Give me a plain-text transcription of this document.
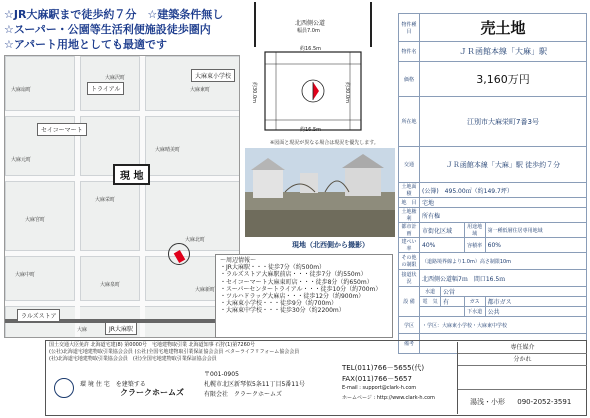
☆JR大麻駅まで徒歩約７分　☆建築条件無し
☆スーパー・公園等生活利便施設徒歩圏内
☆アパート用地としても最適です
大麻扇町
大麻沢町
大麻元町
大麻晴美町
大麻宮町
大麻栄町
大麻中町
大麻泉町
大麻北町
大麻
大麻東町
大麻新町
トライアル
大麻東小学校
セイコーマート
ラルズストア
JR大麻駅
現 地
北西側公道
幅員7.0m
約16.5m
約16.5m
約30.0m	約30.0m
※図面と現況が異なる場合は現況を優先します。
現地（北西側から撮影）
～周辺情報～
・JR大麻駅・・・徒歩7分（約500m）
・ラルズストア大麻駅前店・・・徒歩7分（約550m）
・セイコーマート大麻東町店・・・徒歩8分（約650m）
・スーパーセンタートライアル・・・徒歩10分（約700m）
・ツルハドラッグ大麻店・・・徒歩12分（約900m）
・大麻東小学校・・・徒歩9分（約700m）
・大麻東中学校・・・徒歩30分（約2200m）
物件種目	売土地			
物件名	ＪＲ函館本線「大麻」駅			
価格	3,160万円			
所在地	江別市大麻栄町7番3号			
交通	ＪＲ函館本線「大麻」駅 徒歩約７分			
土地面積	(公簿)　495.00㎡（約149.7坪）			
地　目	宅地			
土地権利	所有権			
都市計画	市街化区域		用途地域	第一種低層住居専用地域
建ぺい率	40%		容積率	60%
その他の制限	（道路境界線より1.0m）高さ制限10m			
接道状況	北西側公道幅7ｍ　間口16.5ｍ			
設 備	水道	公営		
	電　気	有	ガス	都市ガス
			下水道	公共
学区	・学区：大麻東小学校・大麻東中学校			
備考				
国土交通大臣免許 北海道宅建(8) 第0000号　宅地建物取引業 北海道知事 石狩(1)第7260号
(公社)北海道宅地建物取引業協会会員 (公社)全国宅地建物取引業保証協会会員 ベターライフリフォーム協会会員
(社)北海道宅地建物取引業協会会員　(社)全国宅地建物取引業保証協会会員
環 境 住 宅　を建築する
クラークホームズ
〒001-0905
札幌市北区新琴似5条11丁目5番11号
有限会社　クラークホームズ
TEL(011)766－5655(代)
FAX(011)766－5657
E-mail : support@clark-h.com
ホームページ : http://www.clark-h.com
専任媒介
分かれ
湯浅・小形 090-2052-3591
